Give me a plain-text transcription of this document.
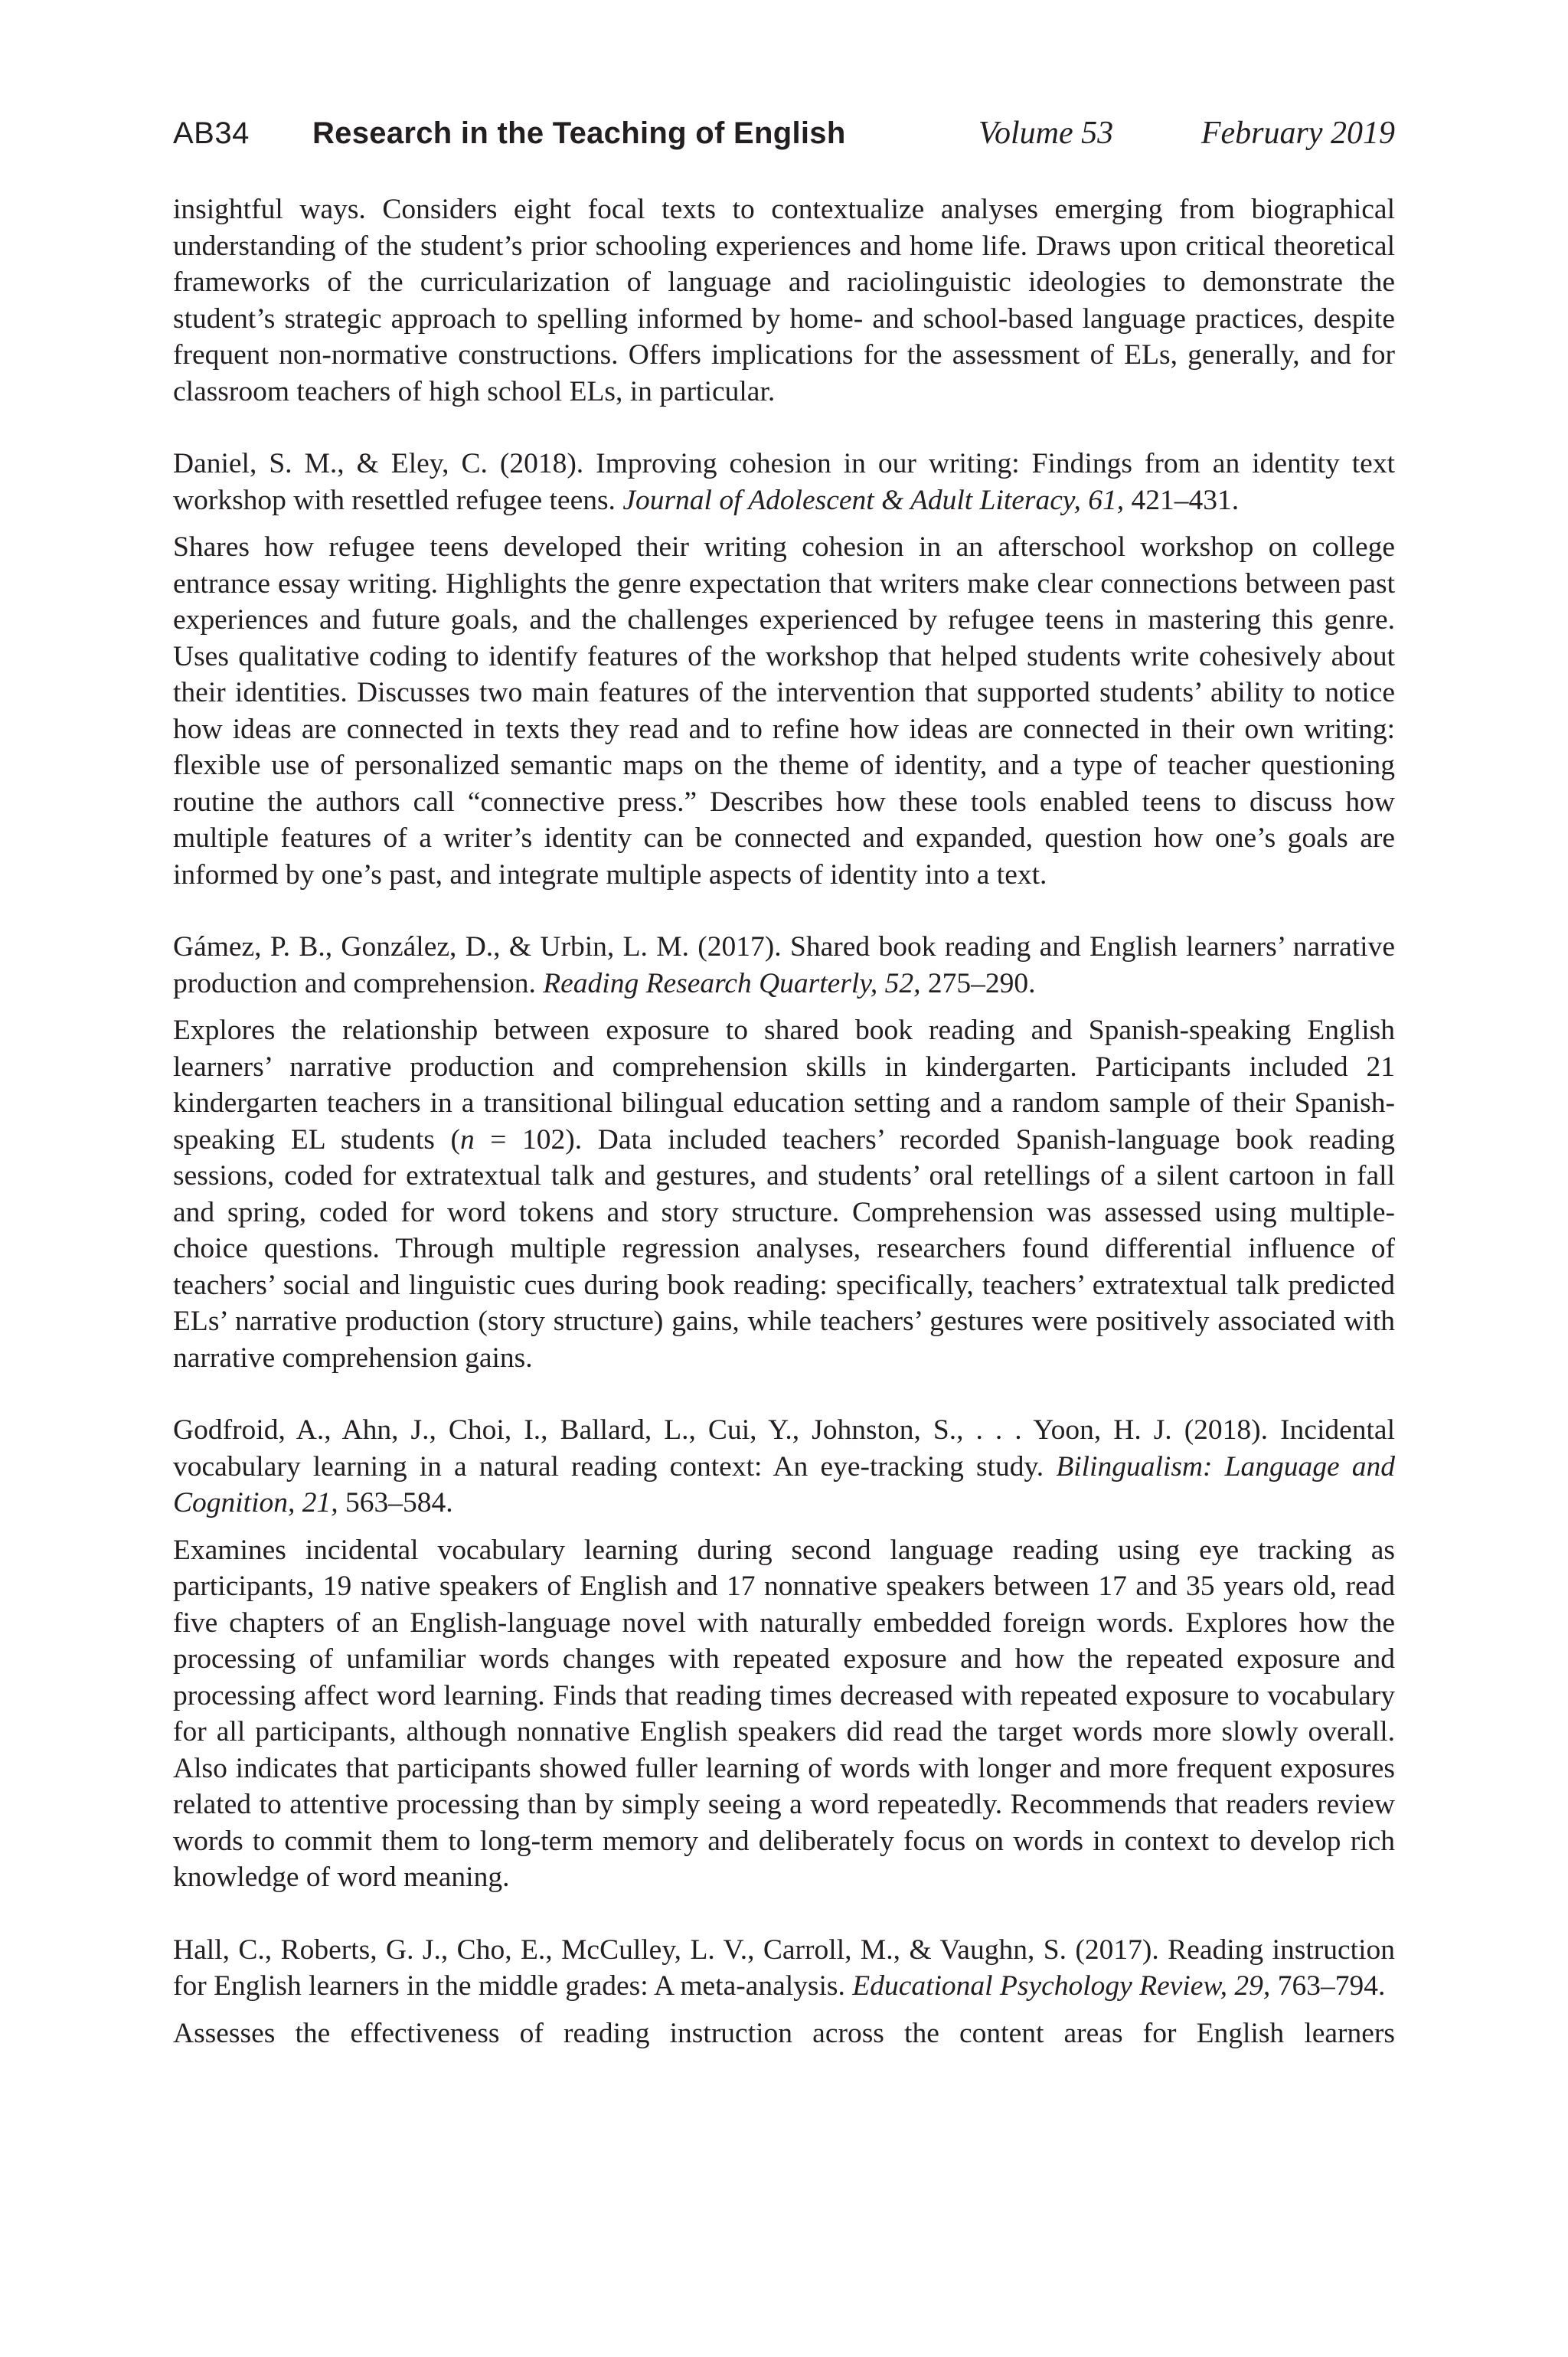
AB34	Research in the Teaching of English	Volume 53	February 2019

insightful ways. Considers eight focal texts to contextualize analyses emerging from biographical understanding of the student’s prior schooling experiences and home life. Draws upon critical theoretical frameworks of the curricularization of language and raciolinguistic ideologies to demonstrate the student’s strategic approach to spelling informed by home- and school-based language practices, despite frequent non-normative constructions. Offers implications for the assessment of ELs, generally, and for classroom teachers of high school ELs, in particular.

Daniel, S. M., & Eley, C. (2018). Improving cohesion in our writing: Findings from an identity text workshop with resettled refugee teens. Journal of Adolescent & Adult Literacy, 61, 421–431.

Shares how refugee teens developed their writing cohesion in an afterschool workshop on college entrance essay writing. Highlights the genre expectation that writers make clear connections between past experiences and future goals, and the challenges experienced by refugee teens in mastering this genre. Uses qualitative coding to identify features of the workshop that helped students write cohesively about their identities. Discusses two main features of the intervention that supported students’ ability to notice how ideas are connected in texts they read and to refine how ideas are connected in their own writing: flexible use of personalized semantic maps on the theme of identity, and a type of teacher questioning routine the authors call “connective press.” Describes how these tools enabled teens to discuss how multiple features of a writer’s identity can be connected and expanded, question how one’s goals are informed by one’s past, and integrate multiple aspects of identity into a text.

Gámez, P. B., González, D., & Urbin, L. M. (2017). Shared book reading and English learners’ narrative production and comprehension. Reading Research Quarterly, 52, 275–290.

Explores the relationship between exposure to shared book reading and Spanish-speaking English learners’ narrative production and comprehension skills in kindergarten. Participants included 21 kindergarten teachers in a transitional bilingual education setting and a random sample of their Spanish-speaking EL students (n = 102). Data included teachers’ recorded Spanish-language book reading sessions, coded for extratextual talk and gestures, and students’ oral retellings of a silent cartoon in fall and spring, coded for word tokens and story structure. Comprehension was assessed using multiple-choice questions. Through multiple regression analyses, researchers found differential influence of teachers’ social and linguistic cues during book reading: specifically, teachers’ extratextual talk predicted ELs’ narrative production (story structure) gains, while teachers’ gestures were positively associated with narrative comprehension gains.

Godfroid, A., Ahn, J., Choi, I., Ballard, L., Cui, Y., Johnston, S., . . . Yoon, H. J. (2018). Incidental vocabulary learning in a natural reading context: An eye-tracking study. Bilingualism: Language and Cognition, 21, 563–584.

Examines incidental vocabulary learning during second language reading using eye tracking as participants, 19 native speakers of English and 17 nonnative speakers between 17 and 35 years old, read five chapters of an English-language novel with naturally embedded foreign words. Explores how the processing of unfamiliar words changes with repeated exposure and how the repeated exposure and processing affect word learning. Finds that reading times decreased with repeated exposure to vocabulary for all participants, although nonnative English speakers did read the target words more slowly overall. Also indicates that participants showed fuller learning of words with longer and more frequent exposures related to attentive processing than by simply seeing a word repeatedly. Recommends that readers review words to commit them to long-term memory and deliberately focus on words in context to develop rich knowledge of word meaning.

Hall, C., Roberts, G. J., Cho, E., McCulley, L. V., Carroll, M., & Vaughn, S. (2017). Reading instruction for English learners in the middle grades: A meta-analysis. Educational Psychology Review, 29, 763–794.

Assesses the effectiveness of reading instruction across the content areas for English learners
